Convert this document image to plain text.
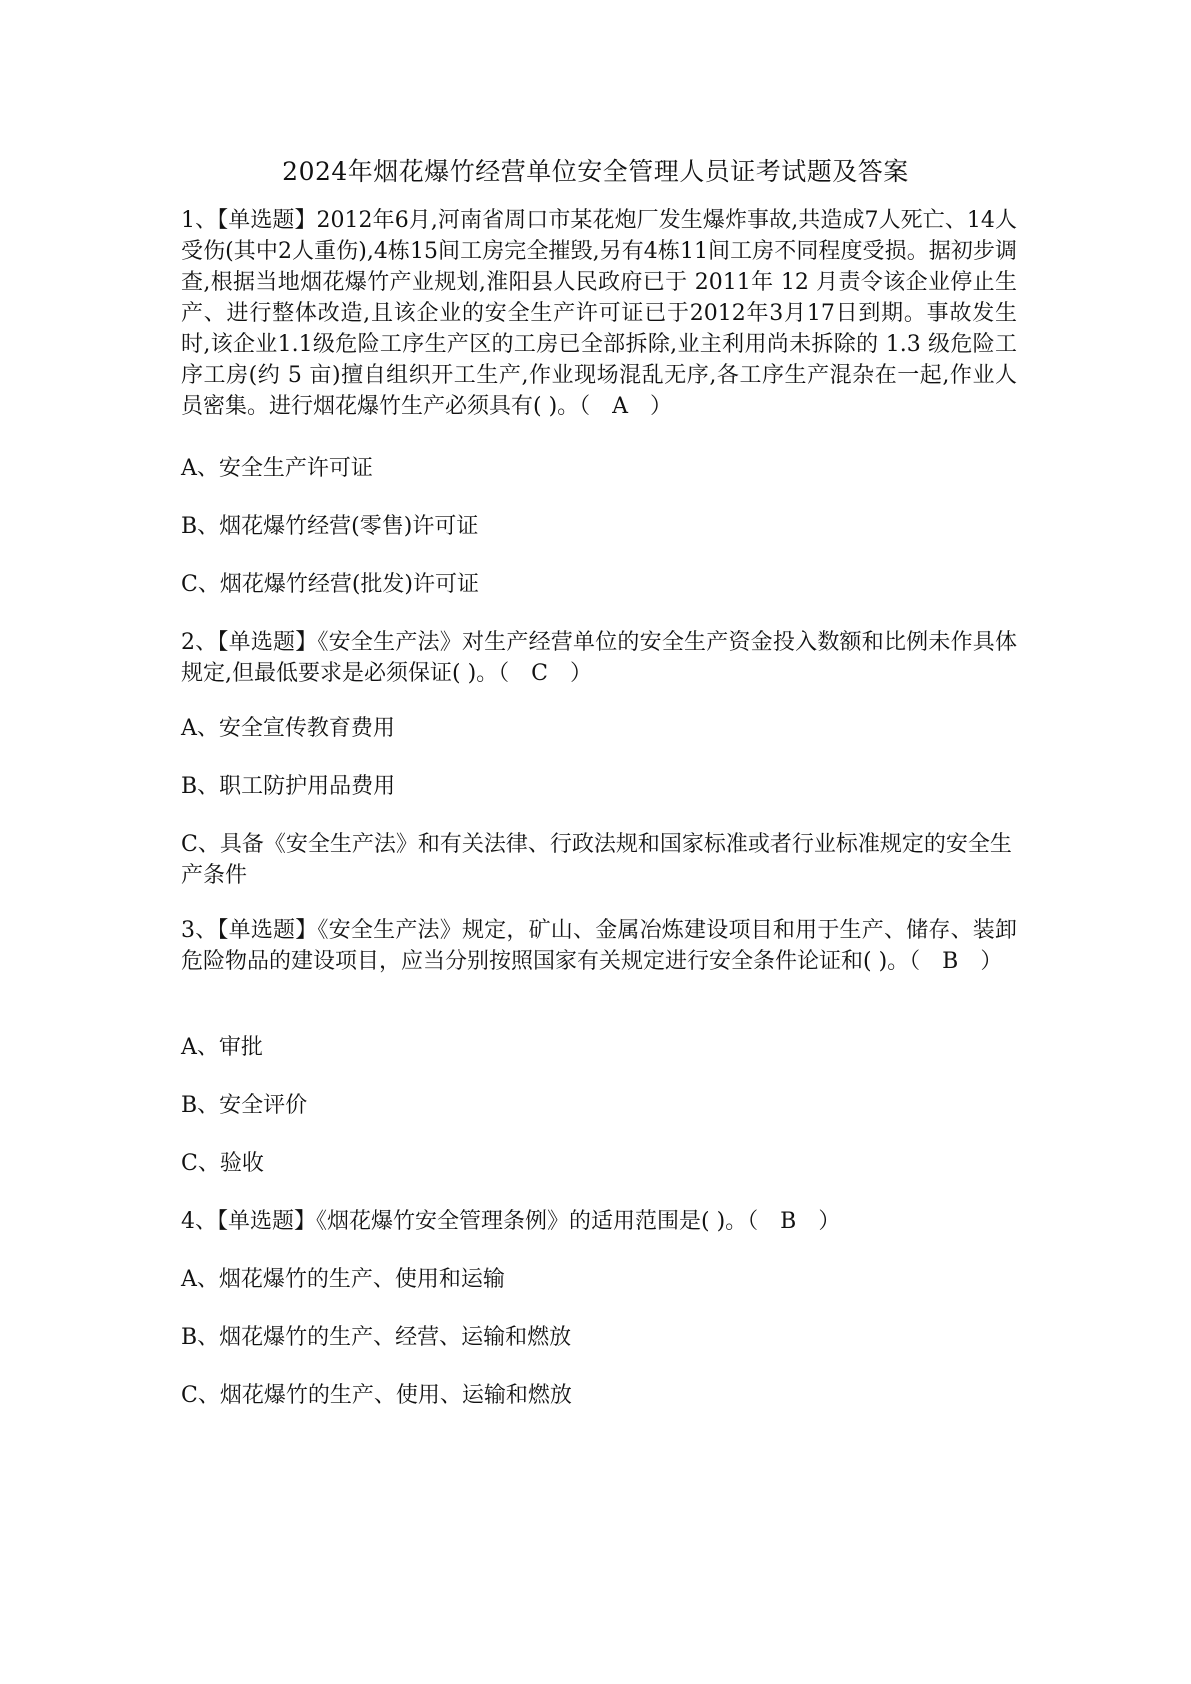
2024年烟花爆竹经营单位安全管理人员证考试题及答案

1、【单选题】2012年6月,河南省周口市某花炮厂发生爆炸事故,共造成7人死亡、14人受伤(其中2人重伤),4栋15间工房完全摧毁,另有4栋11间工房不同程度受损。据初步调查,根据当地烟花爆竹产业规划,淮阳县人民政府已于 2011年 12 月责令该企业停止生产、进行整体改造,且该企业的安全生产许可证已于2012年3月17日到期。事故发生时,该企业1.1级危险工序生产区的工房已全部拆除,业主利用尚未拆除的 1.3 级危险工序工房(约 5 亩)擅自组织开工生产,作业现场混乱无序,各工序生产混杂在一起,作业人员密集。进行烟花爆竹生产必须具有( )。（　A　）

A、安全生产许可证

B、烟花爆竹经营(零售)许可证

C、烟花爆竹经营(批发)许可证

2、【单选题】《安全生产法》对生产经营单位的安全生产资金投入数额和比例未作具体规定,但最低要求是必须保证( )。（　C　）

A、安全宣传教育费用

B、职工防护用品费用

C、具备《安全生产法》和有关法律、行政法规和国家标准或者行业标准规定的安全生产条件

3、【单选题】《安全生产法》规定，矿山、金属冶炼建设项目和用于生产、储存、装卸危险物品的建设项目，应当分别按照国家有关规定进行安全条件论证和( )。（　B　）

A、审批

B、安全评价

C、验收

4、【单选题】《烟花爆竹安全管理条例》的适用范围是( )。（　B　）

A、烟花爆竹的生产、使用和运输

B、烟花爆竹的生产、经营、运输和燃放

C、烟花爆竹的生产、使用、运输和燃放
